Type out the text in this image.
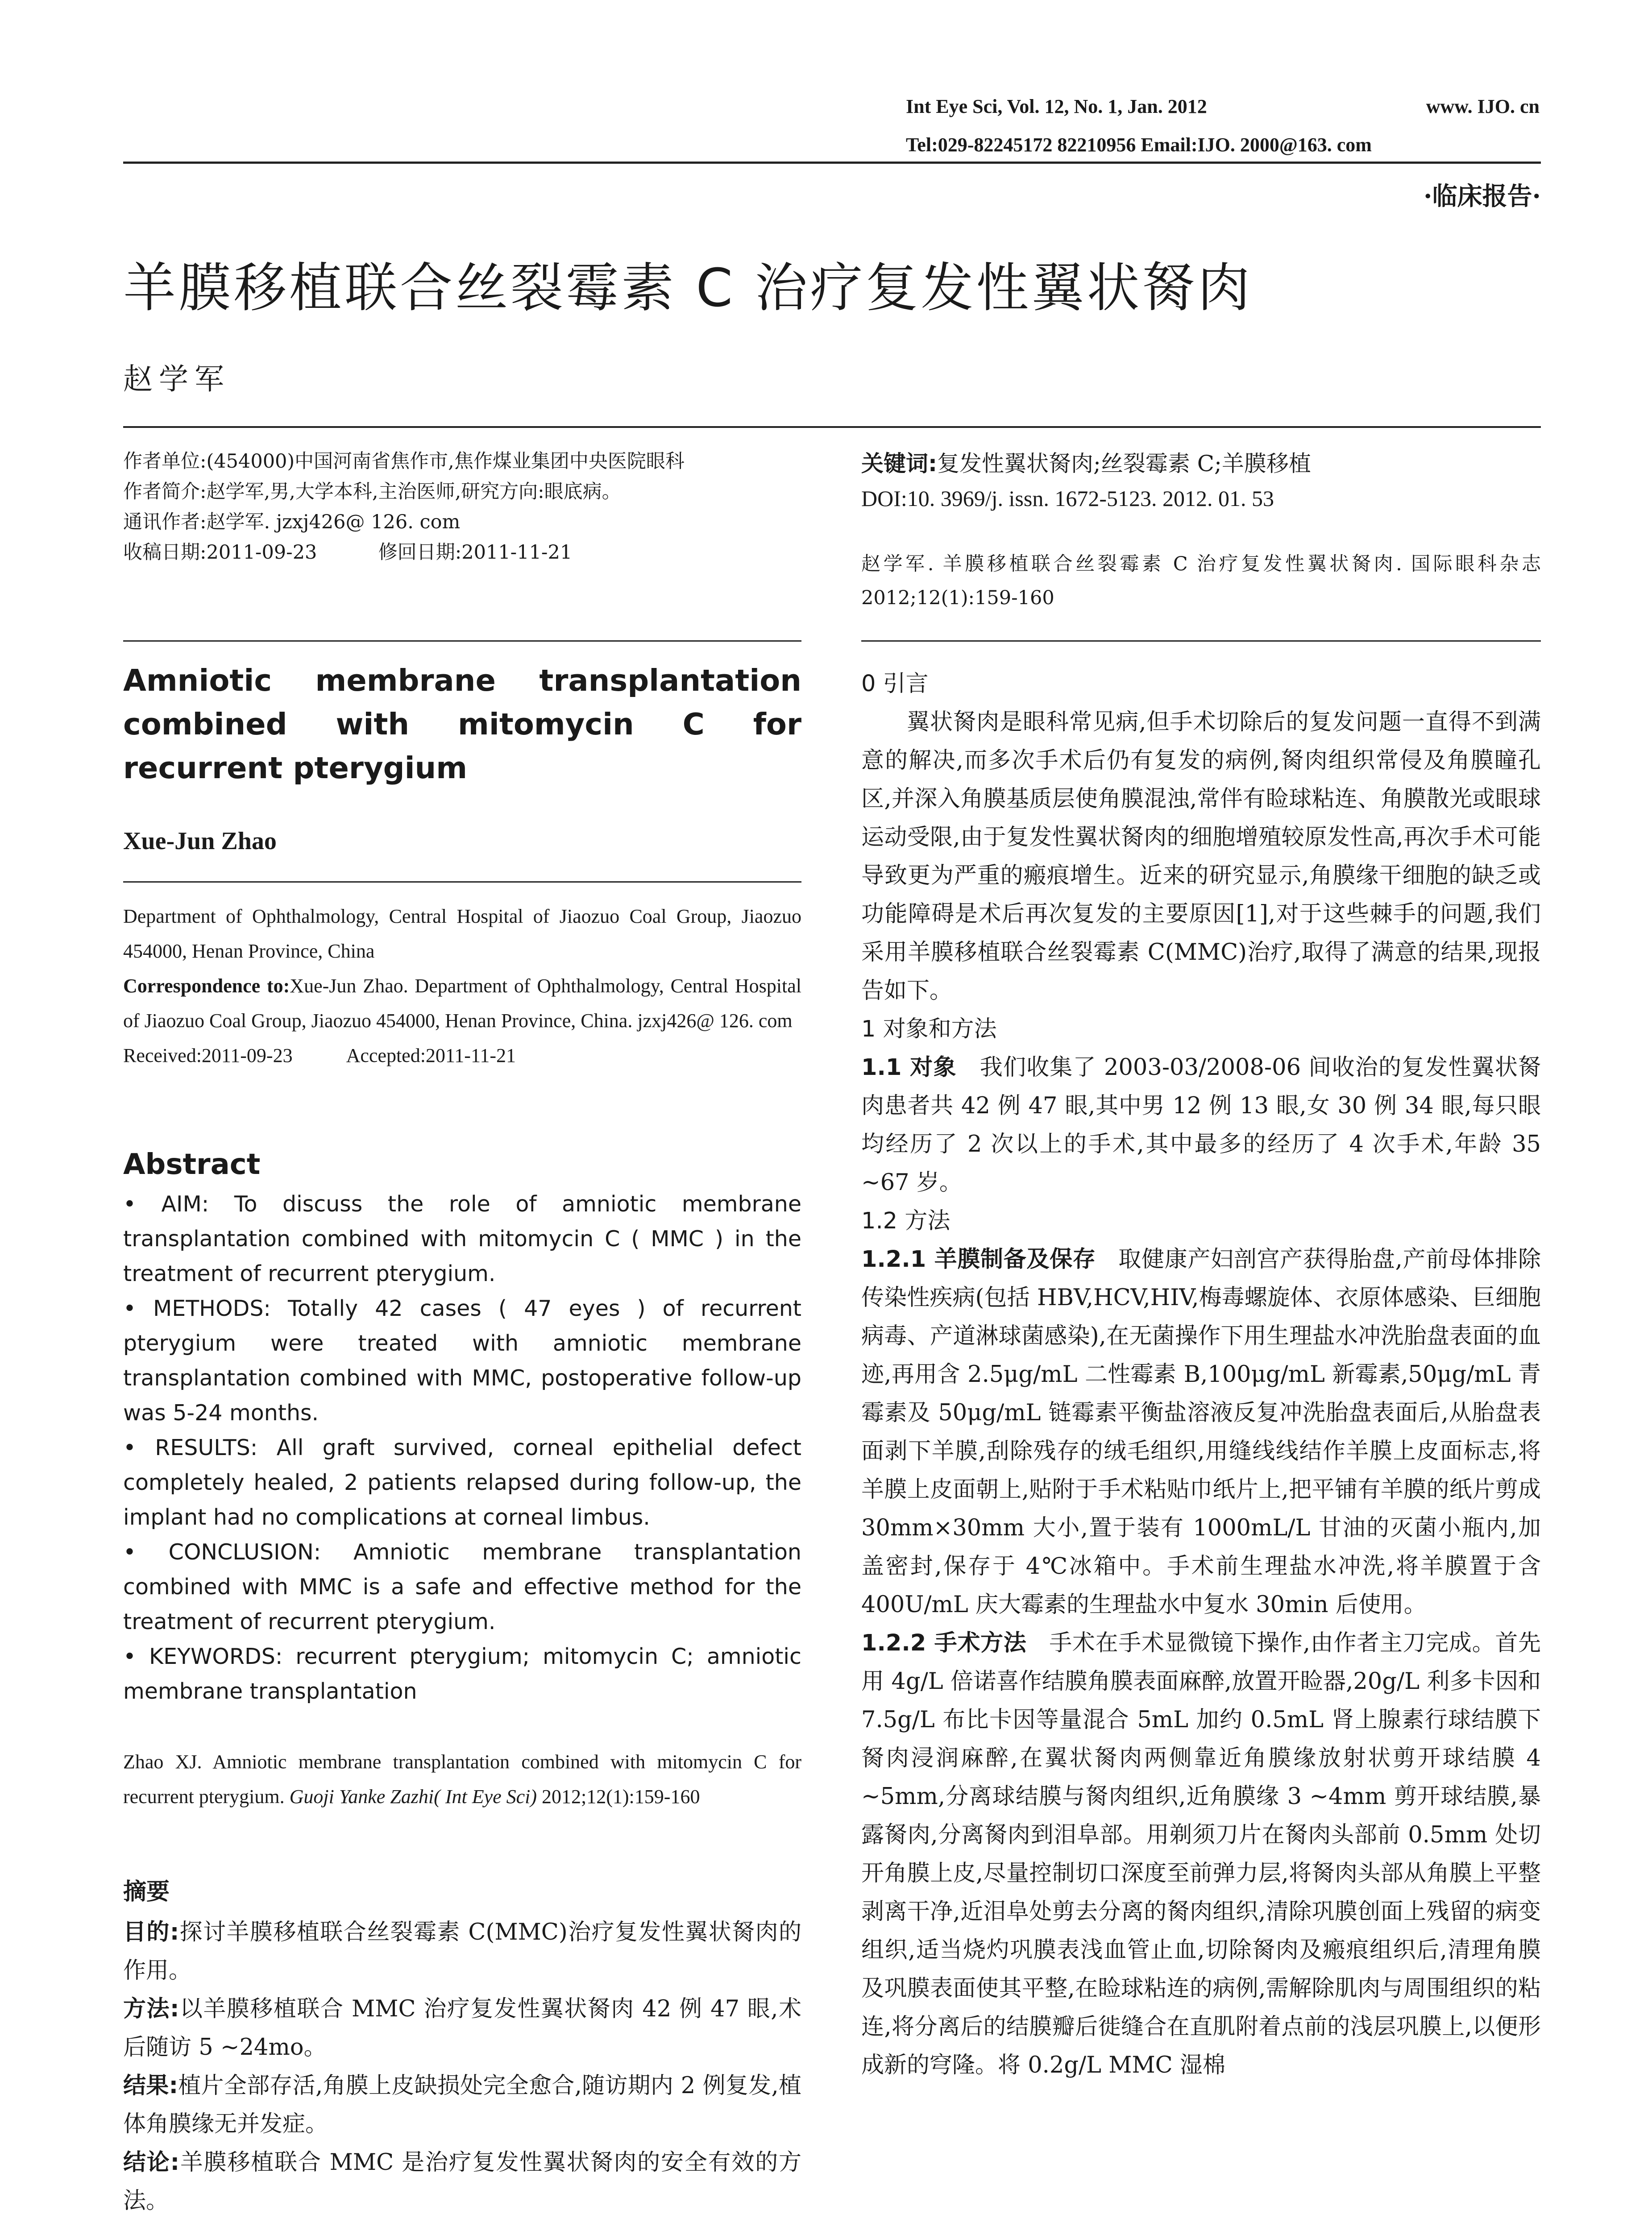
Int Eye Sci, Vol. 12, No. 1, Jan. 2012	www. IJO. cn
Tel:029-82245172 82210956 Email:IJO. 2000@163. com
·临床报告·
羊膜移植联合丝裂霉素 C 治疗复发性翼状胬肉
赵学军
作者单位:(454000)中国河南省焦作市,焦作煤业集团中央医院眼科
作者简介:赵学军,男,大学本科,主治医师,研究方向:眼底病。
通讯作者:赵学军. jzxj426@ 126. com
收稿日期:2011-09-23	修回日期:2011-11-21
关键词:复发性翼状胬肉;丝裂霉素 C;羊膜移植
DOI:10. 3969/j. issn. 1672-5123. 2012. 01. 53
赵学军. 羊膜移植联合丝裂霉素 C 治疗复发性翼状胬肉. 国际眼科杂志 2012;12(1):159-160
Amniotic membrane transplantation combined with mitomycin C for recurrent pterygium
Xue-Jun Zhao

Department of Ophthalmology, Central Hospital of Jiaozuo Coal Group, Jiaozuo 454000, Henan Province, China

Correspondence to:Xue-Jun Zhao. Department of Ophthalmology, Central Hospital of Jiaozuo Coal Group, Jiaozuo 454000, Henan Province, China. jzxj426@ 126. com

Received:2011-09-23	Accepted:2011-11-21

Abstract

• AIM: To discuss the role of amniotic membrane transplantation combined with mitomycin C ( MMC ) in the treatment of recurrent pterygium.

• METHODS: Totally 42 cases ( 47 eyes ) of recurrent pterygium were treated with amniotic membrane transplantation combined with MMC, postoperative follow-up was 5-24 months.

• RESULTS: All graft survived, corneal epithelial defect completely healed, 2 patients relapsed during follow-up, the implant had no complications at corneal limbus.

• CONCLUSION: Amniotic membrane transplantation combined with MMC is a safe and effective method for the treatment of recurrent pterygium.

• KEYWORDS: recurrent pterygium; mitomycin C; amniotic membrane transplantation

Zhao XJ. Amniotic membrane transplantation combined with mitomycin C for recurrent pterygium. Guoji Yanke Zazhi( Int Eye Sci) 2012;12(1):159-160

摘要

目的:探讨羊膜移植联合丝裂霉素 C(MMC)治疗复发性翼状胬肉的作用。

方法:以羊膜移植联合 MMC 治疗复发性翼状胬肉 42 例 47 眼,术后随访 5 ~24mo。

结果:植片全部存活,角膜上皮缺损处完全愈合,随访期内 2 例复发,植体角膜缘无并发症。

结论:羊膜移植联合 MMC 是治疗复发性翼状胬肉的安全有效的方法。

0 引言

翼状胬肉是眼科常见病,但手术切除后的复发问题一直得不到满意的解决,而多次手术后仍有复发的病例,胬肉组织常侵及角膜瞳孔区,并深入角膜基质层使角膜混浊,常伴有睑球粘连、角膜散光或眼球运动受限,由于复发性翼状胬肉的细胞增殖较原发性高,再次手术可能导致更为严重的瘢痕增生。近来的研究显示,角膜缘干细胞的缺乏或功能障碍是术后再次复发的主要原因[1],对于这些棘手的问题,我们采用羊膜移植联合丝裂霉素 C(MMC)治疗,取得了满意的结果,现报告如下。

1 对象和方法

1.1 对象 我们收集了 2003-03/2008-06 间收治的复发性翼状胬肉患者共 42 例 47 眼,其中男 12 例 13 眼,女 30 例 34 眼,每只眼均经历了 2 次以上的手术,其中最多的经历了 4 次手术,年龄 35 ~67 岁。

1.2 方法

1.2.1 羊膜制备及保存 取健康产妇剖宫产获得胎盘,产前母体排除传染性疾病(包括 HBV,HCV,HIV,梅毒螺旋体、衣原体感染、巨细胞病毒、产道淋球菌感染),在无菌操作下用生理盐水冲洗胎盘表面的血迹,再用含 2.5μg/mL 二性霉素 B,100μg/mL 新霉素,50μg/mL 青霉素及 50μg/mL 链霉素平衡盐溶液反复冲洗胎盘表面后,从胎盘表面剥下羊膜,刮除残存的绒毛组织,用缝线线结作羊膜上皮面标志,将羊膜上皮面朝上,贴附于手术粘贴巾纸片上,把平铺有羊膜的纸片剪成 30mm×30mm 大小,置于装有 1000mL/L 甘油的灭菌小瓶内,加盖密封,保存于 4℃冰箱中。手术前生理盐水冲洗,将羊膜置于含 400U/mL 庆大霉素的生理盐水中复水 30min 后使用。

1.2.2 手术方法 手术在手术显微镜下操作,由作者主刀完成。首先用 4g/L 倍诺喜作结膜角膜表面麻醉,放置开睑器,20g/L 利多卡因和 7.5g/L 布比卡因等量混合 5mL 加约 0.5mL 肾上腺素行球结膜下胬肉浸润麻醉,在翼状胬肉两侧靠近角膜缘放射状剪开球结膜 4 ~5mm,分离球结膜与胬肉组织,近角膜缘 3 ~4mm 剪开球结膜,暴露胬肉,分离胬肉到泪阜部。用剃须刀片在胬肉头部前 0.5mm 处切开角膜上皮,尽量控制切口深度至前弹力层,将胬肉头部从角膜上平整剥离干净,近泪阜处剪去分离的胬肉组织,清除巩膜创面上残留的病变组织,适当烧灼巩膜表浅血管止血,切除胬肉及瘢痕组织后,清理角膜及巩膜表面使其平整,在睑球粘连的病例,需解除肌肉与周围组织的粘连,将分离后的结膜瓣后徙缝合在直肌附着点前的浅层巩膜上,以便形成新的穹隆。将 0.2g/L MMC 湿棉
